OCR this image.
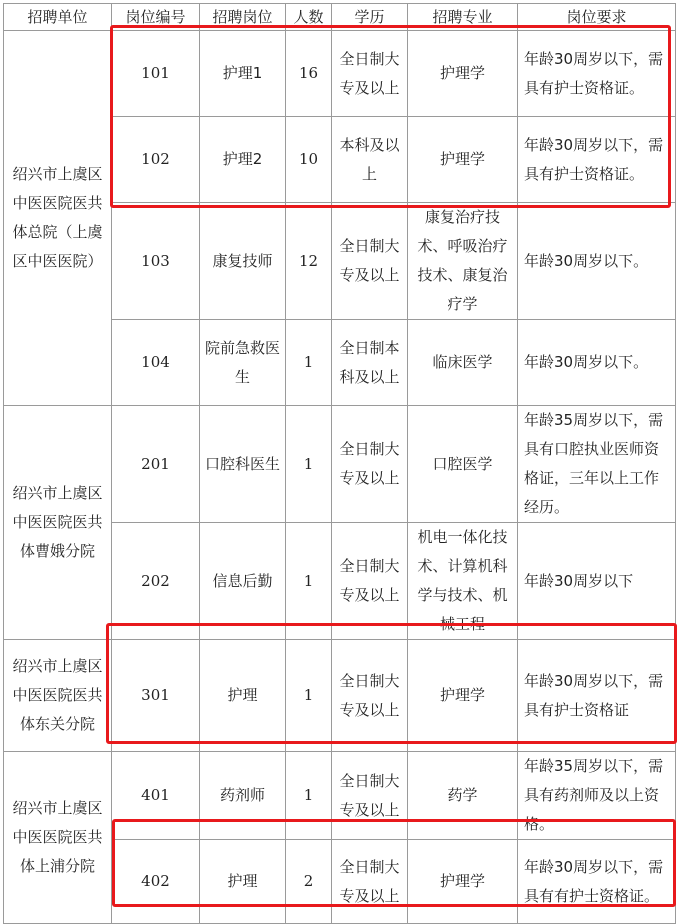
招聘单位	岗位编号	招聘岗位	人数	学历	招聘专业	岗位要求
绍兴市上虞区中医医院医共体总院（上虞区中医医院）	101	护理1	16	全日制大专及以上	护理学	年龄30周岁以下，需具有护士资格证。
	102	护理2	10	本科及以上	护理学	年龄30周岁以下，需具有护士资格证。
	103	康复技师	12	全日制大专及以上	康复治疗技术、呼吸治疗技术、康复治疗学	年龄30周岁以下。
	104	院前急救医生	1	全日制本科及以上	临床医学	年龄30周岁以下。
绍兴市上虞区中医医院医共体曹娥分院	201	口腔科医生	1	全日制大专及以上	口腔医学	年龄35周岁以下，需具有口腔执业医师资格证，三年以上工作经历。
	202	信息后勤	1	全日制大专及以上	机电一体化技术、计算机科学与技术、机械工程	年龄30周岁以下
绍兴市上虞区中医医院医共体东关分院	301	护理	1	全日制大专及以上	护理学	年龄30周岁以下，需具有护士资格证
绍兴市上虞区中医医院医共体上浦分院	401	药剂师	1	全日制大专及以上	药学	年龄35周岁以下，需具有药剂师及以上资格。
	402	护理	2	全日制大专及以上	护理学	年龄30周岁以下，需具有有护士资格证。
